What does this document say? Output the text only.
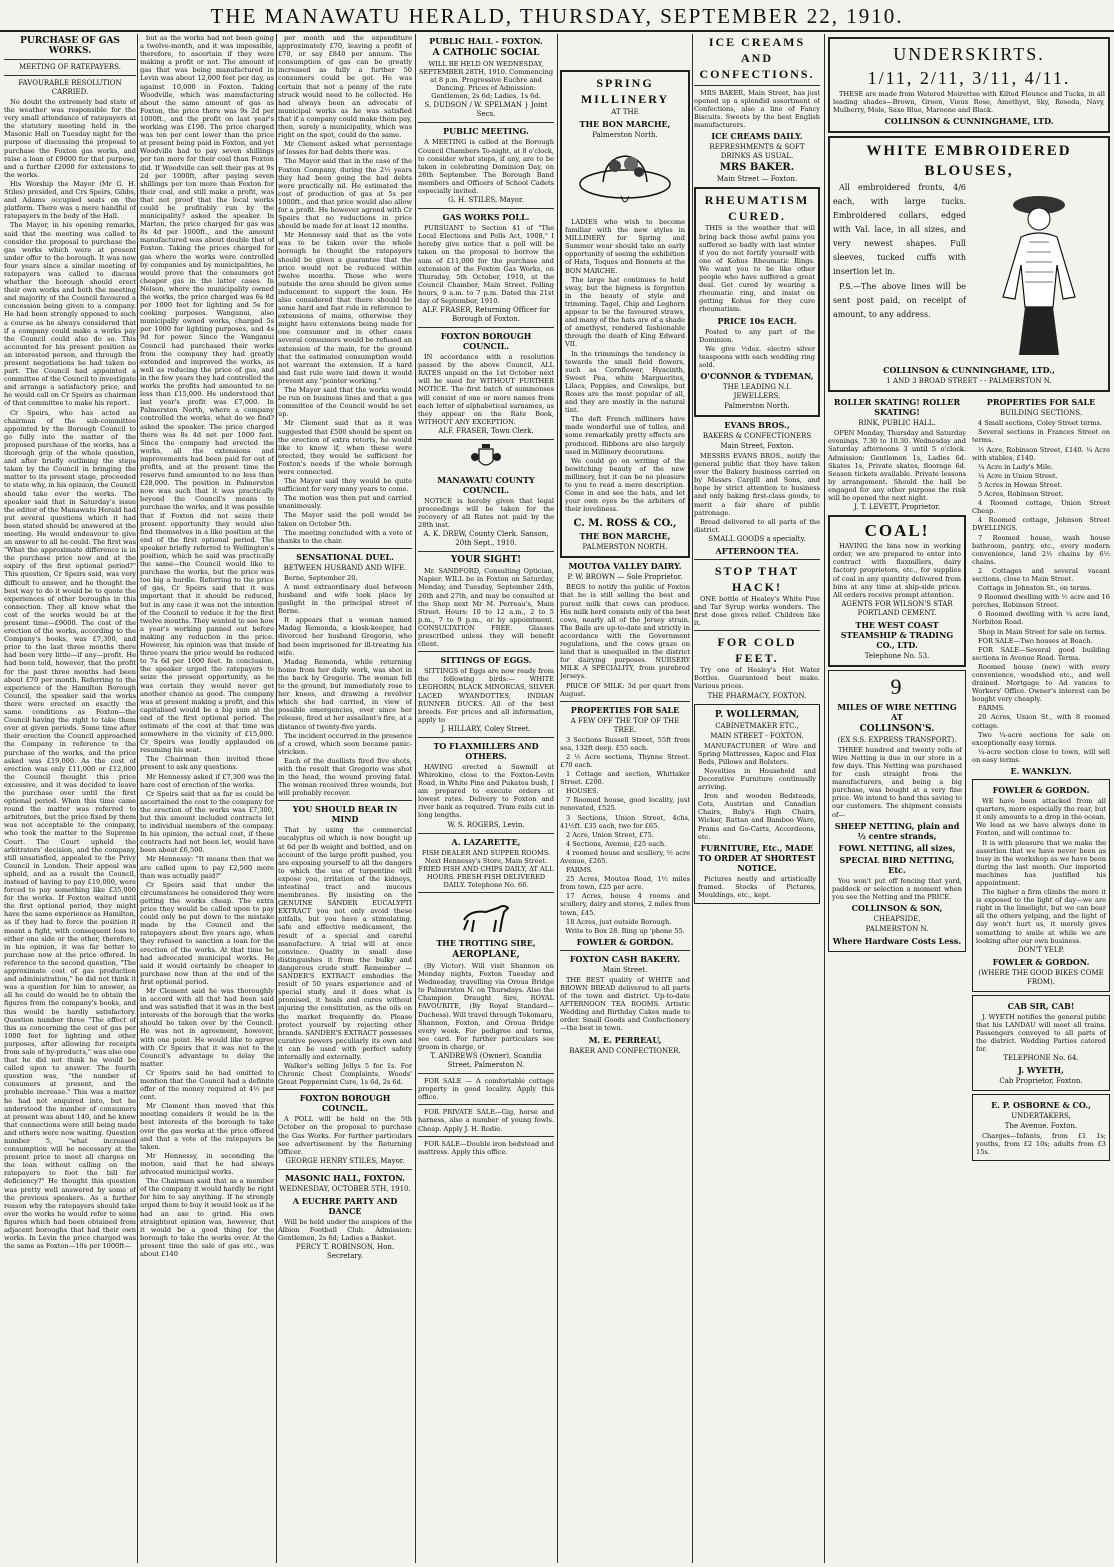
THE MANAWATU HERALD, THURSDAY, SEPTEMBER 22, 1910.
PURCHASE OF GAS WORKS.
MEETING OF RATEPAYERS.
FAVOURABLE RESOLUTION CARRIED.

No doubt the extremely bad state of the weather was responsible for the very small attendance of ratepayers at the statutory meeting held in the Masonic Hall on Tuesday night for the purpose of discussing the proposal to purchase the Foxton gas works, and raise a loan of £9000 for that purpose, and a further £2000 for extensions to the works.

His Worship the Mayor (Mr G. H. Stiles) presided, and Crs Speirs, Gibbs, and Adams occupied seats on the platform. There was a mere handful of ratepayers in the body of the Hall.

The Mayor, in his opening remarks, said that the meeting was called to consider the proposal to purchase the gas works which were at present under offer to the borough. It was now four years since a similar meeting of ratepayers was called to discuss whether the borough should erect their own works and both the meeting and majority of the Council favoured a concession being given to a company. He had been strongly opposed to such a course as he always considered that if a company could make a works pay the Council could also do so. This accounted for his present position as an interested person, and through the present negotiations he had taken no part. The Council had appointed a committee of the Council to investigate and arrange a satisfactory price, and he would call on Cr Speirs as chairman of that committee to make his report.

Cr Speirs, who has acted as chairman of the sub-committee appointed by the Borough Council to go fully into the matter of the proposed purchase of the works, has a thorough grip of the whole question, and after briefly outlining the steps taken by the Council in bringing the matter to its present stage, proceeded to state why, in his opinion, the Council should take over the works. The speaker said that in Saturday's issue the editor of the Manawatu Herald had put several questions which it had been stated should be answered at the meeting. He would endeavour to give an answer to all he could. The first was "What the approximate difference is in the purchase price now and at the expiry of the first optional period?" This question, Cr Speirs said, was very difficult to answer, and he thought the best way to do it would be to quote the experiences of other boroughs in this connection. They all knew what the cost of the works would be at the present time—£9000. The cost of the erection of the works, according to the Company's books, was £7,300, and prior to the last three months there had been very little—if any—profit. He had been told, however, that the profit for the past three months had been about £70 per month. Referring to the experience of the Hamilton Borough Council, the speaker said the works there were erected on exactly the same conditions as Foxton—the Council having the right to take them over at given periods. Some time after their erection the Council approached the Company in reference to the purchase of the works, and the price asked was £19,000. As the cost of erection was only £11,000 or £12,000 the Council thought this price excessive, and it was decided to leave the purchase over until the first optional period. When this time came round the matter was referred to arbitrators, but the price fixed by them was not acceptable to the company, who took the matter to the Supreme Court. The Court upheld the arbitrators' decision, and the company, still unsatisfied, appealed to the Privy Council in London. Their appeal was upheld, and as a result the Council, instead of having to pay £19,000, were forced to pay something like £35,000 for the works. If Foxton waited until the first optional period, they might have the same experience as Hamilton, as if they had to force the position it meant a fight, with consequent loss to either one side or the other, therefore, in his opinion, it was far better to purchase now at the price offered. In reference to the second question, "The approximate cost of gas production and administration," he did not think it was a question for him to answer, as all he could do would be to obtain the figures from the company's books, and this would be hardly satisfactory. Question number three "The effect of this as concerning the cost of gas per 1000 feet for lighting and other purposes, after allowing for receipts from sale of by-products," was also one that he did not think he would be called upon to answer. The fourth question was, "the number of consumers at present, and the probable increase." This was a matter he had not enquired into, but he understood the number of consumers at present was about 140, and he knew that connections were still being made and others were now waiting. Question number 5, "what increased consumption will be necessary at the present price to meet all charges on the loan without calling on the ratepayers to foot the bill for deficiency?" He thought this question was pretty well answered by some of the previous speakers. As a further reason why the ratepayers should take over the works he would refer to some figures which had been obtained from adjacent boroughs that had their own works. In Levin the price charged was the same as Foxton—10s per 1000ft—

but as the works had not been going a twelve-month, and it was impossible, therefore, to ascertain if they were making a profit or not. The amount of gas that was being manufactured in Levin was about 12,000 feet per day, as against 10,000 in Foxton. Taking Woodville, which was manufacturing about the same amount of gas as Foxton, the price there was 9s 2d per 1000ft., and the profit on last year's working was £198. The price charged was ten per cent lower than the price at present being paid in Foxton, and yet Woodville had to pay seven shillings per ton more for their coal than Foxton did. If Woodville can sell their gas at 9s 2d per 1000ft, after paying seven shillings per ton more than Foxton for their coal, and still make a profit, was that not proof that the local works could be profitably run by the municipality? asked the speaker. In Marton, the price charged for gas was 8s 4d per 1000ft., and the amount manufactured was about double that of Foxton. Taking the prices charged for gas where the works were controlled by companies and by municipalities, he would prove that the consumers got cheaper gas in the latter cases. In Nelson, where the municipality owned the works, the price charged was 6s 8d per 1000 feet for lighting and 5s for cooking purposes. Wanganui, also municipally owned works, charged 5s per 1000 for lighting purposes, and 4s 9d for power. Since the Wanganui Council had purchased their works from the company they had greatly extended and improved the works, as well as reducing the price of gas, and in the few years they had controlled the works the profits had amounted to no less than £15,000. He understood that last year's profit was £7,000. In Palmerston North, where a company controlled the works, what do we find? asked the speaker. The price charged there was 8s 4d net per 1000 feet. Since the company had erected the works, all the extensions and improvements had been paid for out of profits, and at the present time the reserve fund amounted to no less than £28,000. The position in Palmerston now was such that it was practically beyond the Council's means to purchase the works, and it was possible that if Foxton did not seize their present opportunity they would also find themselves in a like position at the end of the first optional period. The speaker briefly referred to Wellington's position, which he said was practically the same—the Council would like to purchase the works, but the price was too big a hurdle. Referring to the price of gas, Cr Speirs said that it was important that it should be reduced, but in any case it was not the intention of the Council to reduce it for the first twelve months. They wanted to see how a year's working panned out before making any reduction in the price. However, his opinion was that inside of three years the price would be reduced to 7s 6d per 1000 feet. In conclusion, the speaker urged the ratepayers to seize the present opportunity, as he was certain they would never get another chance as good. The company was at present making a profit, and this capitalised would be a big sum at the end of the first optional period. The estimate of the cost at that time was somewhere in the vicinity of £15,000. Cr Speirs was loudly applauded on resuming his seat.

The Chairman then invited those present to ask any questions.

Mr Hennessy asked if £7,300 was the bare cost of erection of the works.

Cr Speirs said that as far as could be ascertained the cost to the company for the erection of the works was £7,300, but this amount included contracts let to individual members of the company. In his opinion, the actual cost, if these contracts had not been let, would have been about £6,500.

Mr Hennessy: "It means then that we are called upon to pay £2,500 more than was actually paid?"

Cr Speirs said that under the circumstances he considered they were getting the works cheap. The extra price they would be called upon to pay could only be put down to the mistake made by the Council and the ratepayers about five years ago, when they refused to sanction a loan for the erection of the works. At that time he had advocated municipal works. He said it would certainly be cheaper to purchase now than at the end of the first optional period.

Mr Clement said he was thoroughly in accord with all that had been said and was satisfied that it was in the best interests of the borough that the works should be taken over by the Council. He was not in agreement, however, with one point. He would like to agree with Cr Speirs that it was not to the Council's advantage to delay the matter.

Cr Speirs said he had omitted to mention that the Council had a definite offer of the money required at 4½ per cent.

Mr Clement then moved that this meeting considers it would be in the best interests of the borough to take over the gas works at the price offered and that a vote of the ratepayers be taken.

Mr Hennessy, in seconding the motion, said that he had always advocated municipal works.

The Chairman said that as a member of the company it would hardly be right for him to say anything. If he strongly urged them to buy it would look as if he had an axe to grind. His own straightout opinion was, however, that it would be a good thing for the borough to take the works over. At the present time the sale of gas etc., was about £140

per month and the expenditure approximately £70, leaving a profit of £70, or say £840 per annum. The consumption of gas can be greatly increased as fully a further 50 consumers could be got. He was certain that not a penny of the rate struck would need to be collected. He had always been an advocate of municipal works as he was satisfied that if a company could make them pay, then, surely a municipality, which was right on the spot, could do the same.

Mr Clement asked what percentage of losses for bad debts there was.

The Mayor said that in the case of the Foxton Company, during the 2½ years they had been going the bad debts were practically nil. He estimated the cost of production of gas at 5s per 1000ft., and that price would also allow for a profit. He however agreed with Cr Speirs that no reductions in price should be made for at least 12 months.

Mr Hennessy said that as the vote was to be taken over the whole borough he thought the ratepayers should be given a guarantee that the price would not be reduced within twelve months. Those who were outside the area should be given some inducement to support the loan. He also considered that there should be some hard and fast rule in reference to extensions of mains, otherwise they might have extensions being made for one consumer and in other cases several consumers would be refused an extension of the main, for the ground that the estimated consumption would not warrant the extension. If a hard and fast rule were laid down it would prevent any "pointer working."

The Mayor said that the works would be run on business lines and that a gas committee of the Council would be set up.

Mr Clement said that as it was suggested that £500 should be spent on the erection of extra retorts, he would like to know if, when these were erected, they would be sufficient for Foxton's needs if the whole borough were connected.

The Mayor said they would be quite sufficient for very many years to come.

The motion was then put and carried unanimously.

The Mayor said the poll would be taken on October 5th.

The meeting concluded with a vote of thanks to the chair.

SENSATIONAL DUEL.
BETWEEN HUSBAND AND WIFE.

Berne, September 20.

A most extraordinary duel between husband and wife took place by gaslight in the principal street of Berne.

It appears that a woman named Madag Remonda, a kiosk-keeper, had divorced her husband Gregorio, who had been imprisoned for ill-treating his wife.

Madag Remonda, while returning home from her daily work, was shot in the back by Gregorio. The woman fell to the ground, but immediately rose to her knees, and drawing a revolver which she had carried, in view of possible emergencies, ever since her release, fired at her assailant's fire, at a distance of twenty-five yards.

The incident occurred in the presence of a crowd, which soon became panic-stricken.

Each of the duellists fired five shots, with the result that Gregorio was shot in the head, the wound proving fatal. The woman received three wounds, but will probably recover.

YOU SHOULD BEAR IN MIND

That by using the commercial eucalyptus oil which is now bought up at 6d per lb weight and bottled, and on account of the large profit pushed, you are exposing yourself to all the dangers to which the use of turpentine will expose you, irritation of the kidneys, intestinal tract and mucous membranes. By insisting on the GENUINE SANDER EUCALYPTI EXTRACT you not only avoid these pitfalls, but you have a stimulating, safe and effective medicament, the result of a special and careful manufacture. A trial will at once convince. Quality in small dose distinguishes it from the bulky and dangerous crude stuff. Remember — SANDER'S EXTRACT embodies the result of 50 years experience and of special study, and it does what is promised, it heals and cures without injuring the constitution, as the oils on the market frequently do. Please protect yourself by rejecting other brands. SANDER'S EXTRACT possesses curative powers peculiarly its own and it can be used with perfect safety internally and externally.

Walker's selling Jellys 5 for 1s. For Chronic Chest Complaints, Woods' Great Peppermint Cure, 1s 6d, 2s 6d.

FOXTON BOROUGH COUNCIL.

A POLL will be held on the 5th October on the proposal to purchase the Gas Works. For further particulars see advertisement by the Returning Officer.

GEORGE HENRY STILES, Mayor.
MASONIC HALL, FOXTON.
WEDNESDAY, OCTOBER 5TH, 1910.
A EUCHRE PARTY AND DANCE

Will be held under the auspices of the Albion Football Club. Admission: Gentlemen, 2s 6d; Ladies a Basket.

PERCY T. ROBINSON, Hon. Secretary.
PUBLIC HALL - FOXTON.
A CATHOLIC SOCIAL

WILL BE HELD ON WEDNESDAY, SEPTEMBER 28TH, 1910. Commencing at 8 p.m. Progressive Euchre and Dancing. Prices of Admission: Gentlemen, 2s 6d; Ladies, 1s 6d.

S. DUDSON / W. SPELMAN } Joint Secs.
PUBLIC MEETING.

A MEETING is called at the Borough Council Chambers To-night, at 8 o'clock, to consider what steps, if any, are to be taken in celebrating Dominion Day, on 26th September. The Borough Band members and Officers of School Cadets especially invited.

G. H. STILES, Mayor.
GAS WORKS POLL.

PURSUANT to Section 41 of "The Local Elections and Polls Act, 1908," I hereby give notice that a poll will be taken on the proposal to borrow the sum of £11,000 for the purchase and extension of the Foxton Gas Works, on Thursday, 5th October, 1910, at the Council Chamber, Main Street. Polling hours, 9 a.m. to 7 p.m. Dated this 21st day of September, 1910.

ALF. FRASER, Returning Officer for Borough of Foxton.
FOXTON BOROUGH COUNCIL.

IN accordance with a resolution passed by the above Council, ALL RATES unpaid on the 1st October next will be sued for WITHOUT FURTHER NOTICE. The first batch of summonses will consist of one or more names from each letter of alphabetical surnames, as they appear on the Rate Book, WITHOUT ANY EXCEPTION.

ALF. FRASER, Town Clerk.
MANAWATU COUNTY COUNCIL.

NOTICE is hereby given that legal proceedings will be taken for the recovery of all Rates not paid by the 28th inst.

A. K. DREW, County Clerk. Sanson, 20th Sept., 1910.
YOUR SIGHT!

Mr. SANDFORD, Consulting Optician, Napier. WILL be in Foxton on Saturday, Monday, and Tuesday, September 24th, 26th and 27th, and may be consulted at the Shop next Mr M. Perreau's, Main Street. Hours: 10 to 12 a.m., 2 to 5 p.m., 7 to 9 p.m., or by appointment. CONSULTATION FREE. Glasses prescribed unless they will benefit client.

SITTINGS OF EGGS.

SITTINGS of Eggs are now ready from the following birds:— WHITE LEGHORN, BLACK MINORCAS, SILVER LACED WYANDOTTES, INDIAN RUNNER DUCKS. All of the best breeds. For prices and all information, apply to

J. HILLARY, Coley Street.
TO FLAXMILLERS AND OTHERS.

HAVING erected a Sawmill at Whirokino, close to the Foxton-Levin Road, in White Pine and Pukatea bush, I am prepared to execute orders at lowest rates. Delivery to Foxton and river bank as required. Tram rails cut in long lengths.

W. S. ROGERS, Levin.
A. LAZARETTE,

FISH DEALER AND SUPPER ROOMS. Next Hennessy's Store, Main Street. FRIED FISH AND CHIPS DAILY, AT ALL HOURS. FRESH FISH DELIVERED DAILY. Telephone No. 66.

THE TROTTING SIRE,
AEROPLANE,

(By Victor). Will visit Shannon on Monday nights, Foxton Tuesday and Wednesday, travelling via Oroua Bridge to Palmerston N. on Thursdays. Also the Champion Draught Sire, ROYAL FAVOURITE, (By Royal Standard—Duchess). Will travel through Tokomaru, Shannon, Foxton, and Oroua Bridge every week. For pedigree and terms, see card. For further particulars see groom in charge, or

T. ANDREWS (Owner), Scandia Street, Palmerston N.

FOR SALE — A comfortable cottage property in good locality. Apply this office.

FOR PRIVATE SALE—Gig, horse and harness, also a number of young fowls. Cheap. Apply J. H. Rodie.

FOR SALE—Double iron bedstead and mattress. Apply this office.

SPRING MILLINERY
AT THE
THE BON MARCHE,
Palmerston North.

LADIES who wish to become familiar with the new styles in MILLINERY for Spring and Summer wear should take an early opportunity of seeing the exhibition of Hats, Toques and Bonnets at the BON MARCHE.

The large hat continues to hold sway, but the bigness is forgotten in the beauty of style and trimming. Tagel, Chip and Leghorn appear to be the favoured straws, and many of the hats are of a shade of amethyst, rendered fashionable through the death of King Edward VII.

In the trimmings the tendency is towards the small field flowers, such as Cornflower, Hyacinth, Sweet Pea, white Marguerites, Lilacs, Poppies, and Cowslips, but Roses are the most popular of all, and they are mostly in the natural tint.

The deft French milliners have made wonderful use of tulles, and some remarkably pretty effects are produced. Ribbons are also largely used in Millinery decorations.

We could go on writing of the bewitching beauty of the new millinery, but it can be no pleasure to you to read a mere description. Come in and see the hats, and let your own eyes be the arbiters of their loveliness.

C. M. ROSS & CO.,
THE BON MARCHE,
PALMERSTON NORTH.
MOUTOA VALLEY DAIRY.
P. W. BROWN — Sole Proprietor.

BEGS to notify the public of Foxton that he is still selling the best and purest milk that cows can produce. His milk herd consists only of the best cows, nearly all of the Jersey strain. The Bails are up-to-date and strictly in accordance with the Government regulations, and the cows graze on land that is unequalled in the district for dairying purposes. NURSERY MILK A SPECIALITY, from purebred Jerseys.

PRICE OF MILK: 3d per quart from August.

PROPERTIES FOR SALE
A FEW OFF THE TOP OF THE TREE.

3 Sections Russell Street, 55ft from sea, 132ft deep. £55 each.

2 ½ Acre sections, Thynne Street. £70 each.

1 Cottage and section, Whittaker Street. £200.

HOUSES.

7 Roomed house, good locality, just renovated, £525.

3 Sections, Union Street, 4chs, 41½ft. £35 each, two for £65.

2 Acre, Union Street, £75.

4 Sections, Avenue, £25 each.

4 roomed house and scullery, ½ acre Avenue, £265.

FARMS.

25 Acres, Moutoa Road, 1½ miles from town, £25 per acre.

17 Acres, house 4 rooms and scullery, dairy and stores, 2 miles from town, £45.

18 Acres, just outside Borough.

Write to Box 28. Ring up 'phone 55.

FOWLER & GORDON.
FOXTON CASH BAKERY.
Main Street.

THE BEST quality of WHITE and BROWN BREAD delivered to all parts of the town and district. Up-to-date AFTERNOON TEA ROOMS. Artistic Wedding and Birthday Cakes made to order. Small Goods and Confectionery—the best in town.

M. E. PERREAU,
BAKER AND CONFECTIONER.
ICE CREAMS AND CONFECTIONS.

MRS BAKER, Main Street, has just opened up a splendid assortment of Confections, also a line of Fancy Biscuits. Sweets by the best English manufacturers.

ICE CREAMS DAILY.
REFRESHMENTS & SOFT DRINKS AS USUAL.
MRS BAKER.
Main Street — Foxton.
RHEUMATISM CURED.

THIS is the weather that will bring back those awful pains you suffered so badly with last winter if you do not fortify yourself with one of Kohus Rheumatic Rings. We want you to be like other people who have suffered a great deal. Get cured by wearing a rheumatic ring, and insist on getting Kohus for they cure rheumatism.

PRICE 10s EACH.

Posted to any part of the Dominion.

We give ½doz. electro silver teaspoons with each wedding ring sold.

O'CONNOR & TYDEMAN,
THE LEADING N.I. JEWELLERS,
Palmerston North.
EVANS BROS.,
BAKERS & CONFECTIONERS
Main Street, Foxton.

MESSRS EVANS BROS., notify the general public that they have taken over the Bakery business carried on by Messrs Cargill and Sons, and hope by strict attention to business and only baking first-class goods, to merit a fair share of public patronage.

Bread delivered to all parts of the district.

SMALL GOODS a specialty.
AFTERNOON TEA.
STOP THAT HACK!

ONE bottle of Healey's White Pine and Tar Syrup works wonders. The first dose gives relief. Children like it.

FOR COLD FEET.

Try one of Healey's Hot Water Bottles. Guaranteed best make. Various prices.

THE PHARMACY, FOXTON.
P. WOLLERMAN,
CABINETMAKER ETC.,
MAIN STREET - FOXTON.

MANUFACTURER of Wire and Spring Mattresses, Kapoc and Flax Beds, Pillows and Bolsters.

Novelties in Household and Decorative Furniture continually arriving.

Iron and wooden Bedsteads, Cots, Austrian and Canadian Chairs, Baby's High Chairs, Wicker, Rattan and Bamboo Ware, Prams and Go-Carts, Accordeons, etc.

FURNITURE, Etc., MADE TO ORDER AT SHORTEST NOTICE.

Pictures neatly and artistically framed. Stocks of Pictures, Mouldings, etc., kept.

UNDERSKIRTS.
1/11, 2/11, 3/11, 4/11.

THESE are made from Watered Moirettee with Kilted Flounce and Tucks, in all leading shades—Brown, Green, Vieux Rose, Amethyst, Sky, Reseda, Navy, Mulberry, Mole, Saxe Blue, Maroone and Black.

COLLINSON & CUNNINGHAME, LTD.
WHITE EMBROIDERED
BLOUSES,

All embroidered fronts, 4/6 each, with large tucks. Embroidered collars, edged with Val. lace, in all sizes, and very newest shapes. Full sleeves, tucked cuffs with insertion let in.

P.S.—The above lines will be sent post paid, on receipt of amount, to any address.

COLLINSON & CUNNINGHAME, LTD.,
1 AND 3 BROAD STREET - - PALMERSTON N.
ROLLER SKATING! ROLLER SKATING!
RINK, PUBLIC HALL.

OPEN Monday, Thursday and Saturday evenings, 7.30 to 10.30. Wednesday and Saturday afternoons 3 until 5 o'clock. Admission: Gentlemen 1s, Ladies 6d. Skates 1s, Private skates, floorage 6d. Season tickets available. Private lessons by arrangement. Should the hall be engaged for any other purpose the rink will be opened the next night.

J. T. LEVETT, Proprietor.
COAL!

HAVING the bins now in working order, we are prepared to enter into contract with flaxmillers, dairy factory proprietors, etc., for supplies of coal in any quantity delivered from bins at any time at ship-side prices. All orders receive prompt attention.

AGENTS FOR WILSON'S STAR PORTLAND CEMENT.
THE WEST COAST STEAMSHIP & TRADING CO., LTD.
Telephone No. 53.
9
MILES OF WIRE NETTING AT
COLLINSON'S.
(EX S.S. EXPRESS TRANSPORT).

THREE hundred and twenty rolls of Wire Netting is due in our store in a few days. This Netting was purchased for cash straight from the manufacturers, and being a big purchase, was bought at a very fine price. We intend to hand this saving to our customers. The shipment consists of—

SHEEP NETTING, plain and ½ centre strands,
FOWL NETTING, all sizes,
SPECIAL BIRD NETTING, Etc.

You won't put off fencing that yard, paddock or selection a moment when you see the Netting and the PRICE.

COLLINSON & SON,
CHEAPSIDE,
PALMERSTON N.
Where Hardware Costs Less.
PROPERTIES FOR SALE
BUILDING SECTIONS.

4 Small sections, Coley Street terms.

Several sections in Frances Street on terms.

½ Acre, Robinson Street, £140. ¼ Acre with stables, £140.

¼ Acre in Lady's Mile.

¼ Acre in Union Street.

5 Acres in Howan Street.

5 Acres, Robinson Street.

4 Roomed cottage, Union Street Cheap.

4 Roomed cottage, Johnson Street DWELLINGS.

7 Roomed house, wash house bathroom, pantry, etc., every modern convenience, land 2½ chains by 6½ chains.

2 Cottages and several vacant sections, close to Main Street.

Cottage in Johnston St., on terms.

9 Roomed dwelling with ½ acre and 16 perches, Robinson Street.

6 Roomed dwelling with ¼ acre land, Norbiton Road.

Shop in Main Street for sale on terms.

FOR SALE—Two houses at Beach.

FOR SALE—Several good building sections in Avenue Road. Terms.

Roomed house (new) with every convenience, woodshed etc., and well drained. Mortgage to Ad vances to Workers' Office. Owner's interest can be bought very cheaply.

FARMS.

20 Acres, Union St., with 8 roomed cottage.

Two ¼-acre sections for sale on exceptionally easy terms.

¼-acre section close to town, will sell on easy terms.

E. WANKLYN.
FOWLER & GORDON.

WE have been attacked from all quarters, more especially the rear, but it only amounts to a drop in the ocean. We lead as we have always done in Foxton, and will continue to.

It is with pleasure that we make the assertion that we have never been as busy in the workshop as we have been during the last month. Our imported machines has justified his appointment.

The higher a firm climbs the more it is exposed to the light of day—we are right in the limelight, but we can bear all the others yelping, and the light of day won't hurt us, it merely gives something to smile at while we are looking after our own business.

DON'T YELP.
FOWLER & GORDON.
(WHERE THE GOOD BIKES COME FROM).
CAB SIR, CAB!

J. WYETH notifies the general public that his LANDAU will meet all trains. Passengers conveyed to all parts of the district. Wedding Parties catered for.

TELEPHONE No. 64.
J. WYETH,
Cab Proprietor, Foxton.
E. P. OSBORNE & CO.,
UNDERTAKERS,
The Avenue. Foxton.

Charges—Infants, from £1 1s; youths, from £2 10s; adults from £3 15s.
